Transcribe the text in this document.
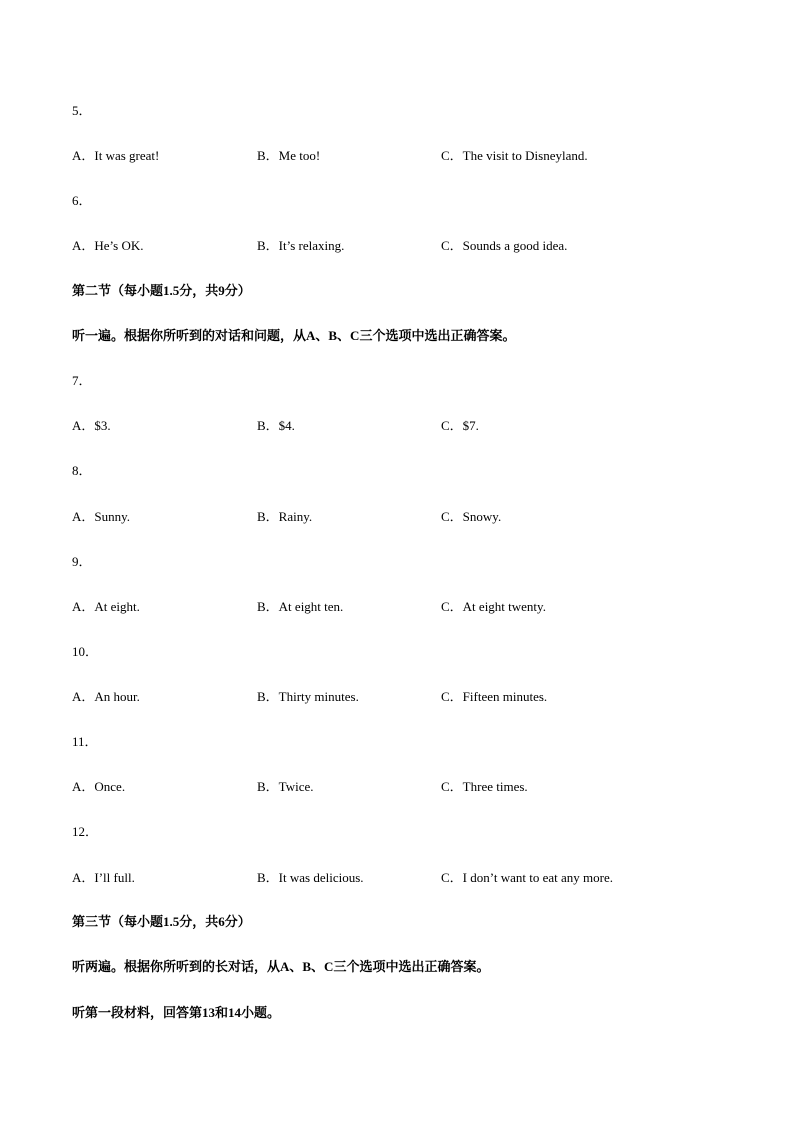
5．
A．It was great!	B．Me too!	C．The visit to Disneyland.
6．
A．He’s OK.	B．It’s relaxing.	C．Sounds a good idea.
第二节（每小题1.5分，共9分）
听一遍。根据你所听到的对话和问题，从A、B、C三个选项中选出正确答案。
7．
A．$3.	B．$4.	C．$7.
8．
A．Sunny.	B．Rainy.	C．Snowy.
9．
A．At eight.	B．At eight ten.	C．At eight twenty.
10．
A．An hour.	B．Thirty minutes.	C．Fifteen minutes.
11．
A．Once.	B．Twice.	C．Three times.
12．
A．I’ll full.	B．It was delicious.	C．I don’t want to eat any more.
第三节（每小题1.5分，共6分）
听两遍。根据你所听到的长对话，从A、B、C三个选项中选出正确答案。
听第一段材料，回答第13和14小题。
